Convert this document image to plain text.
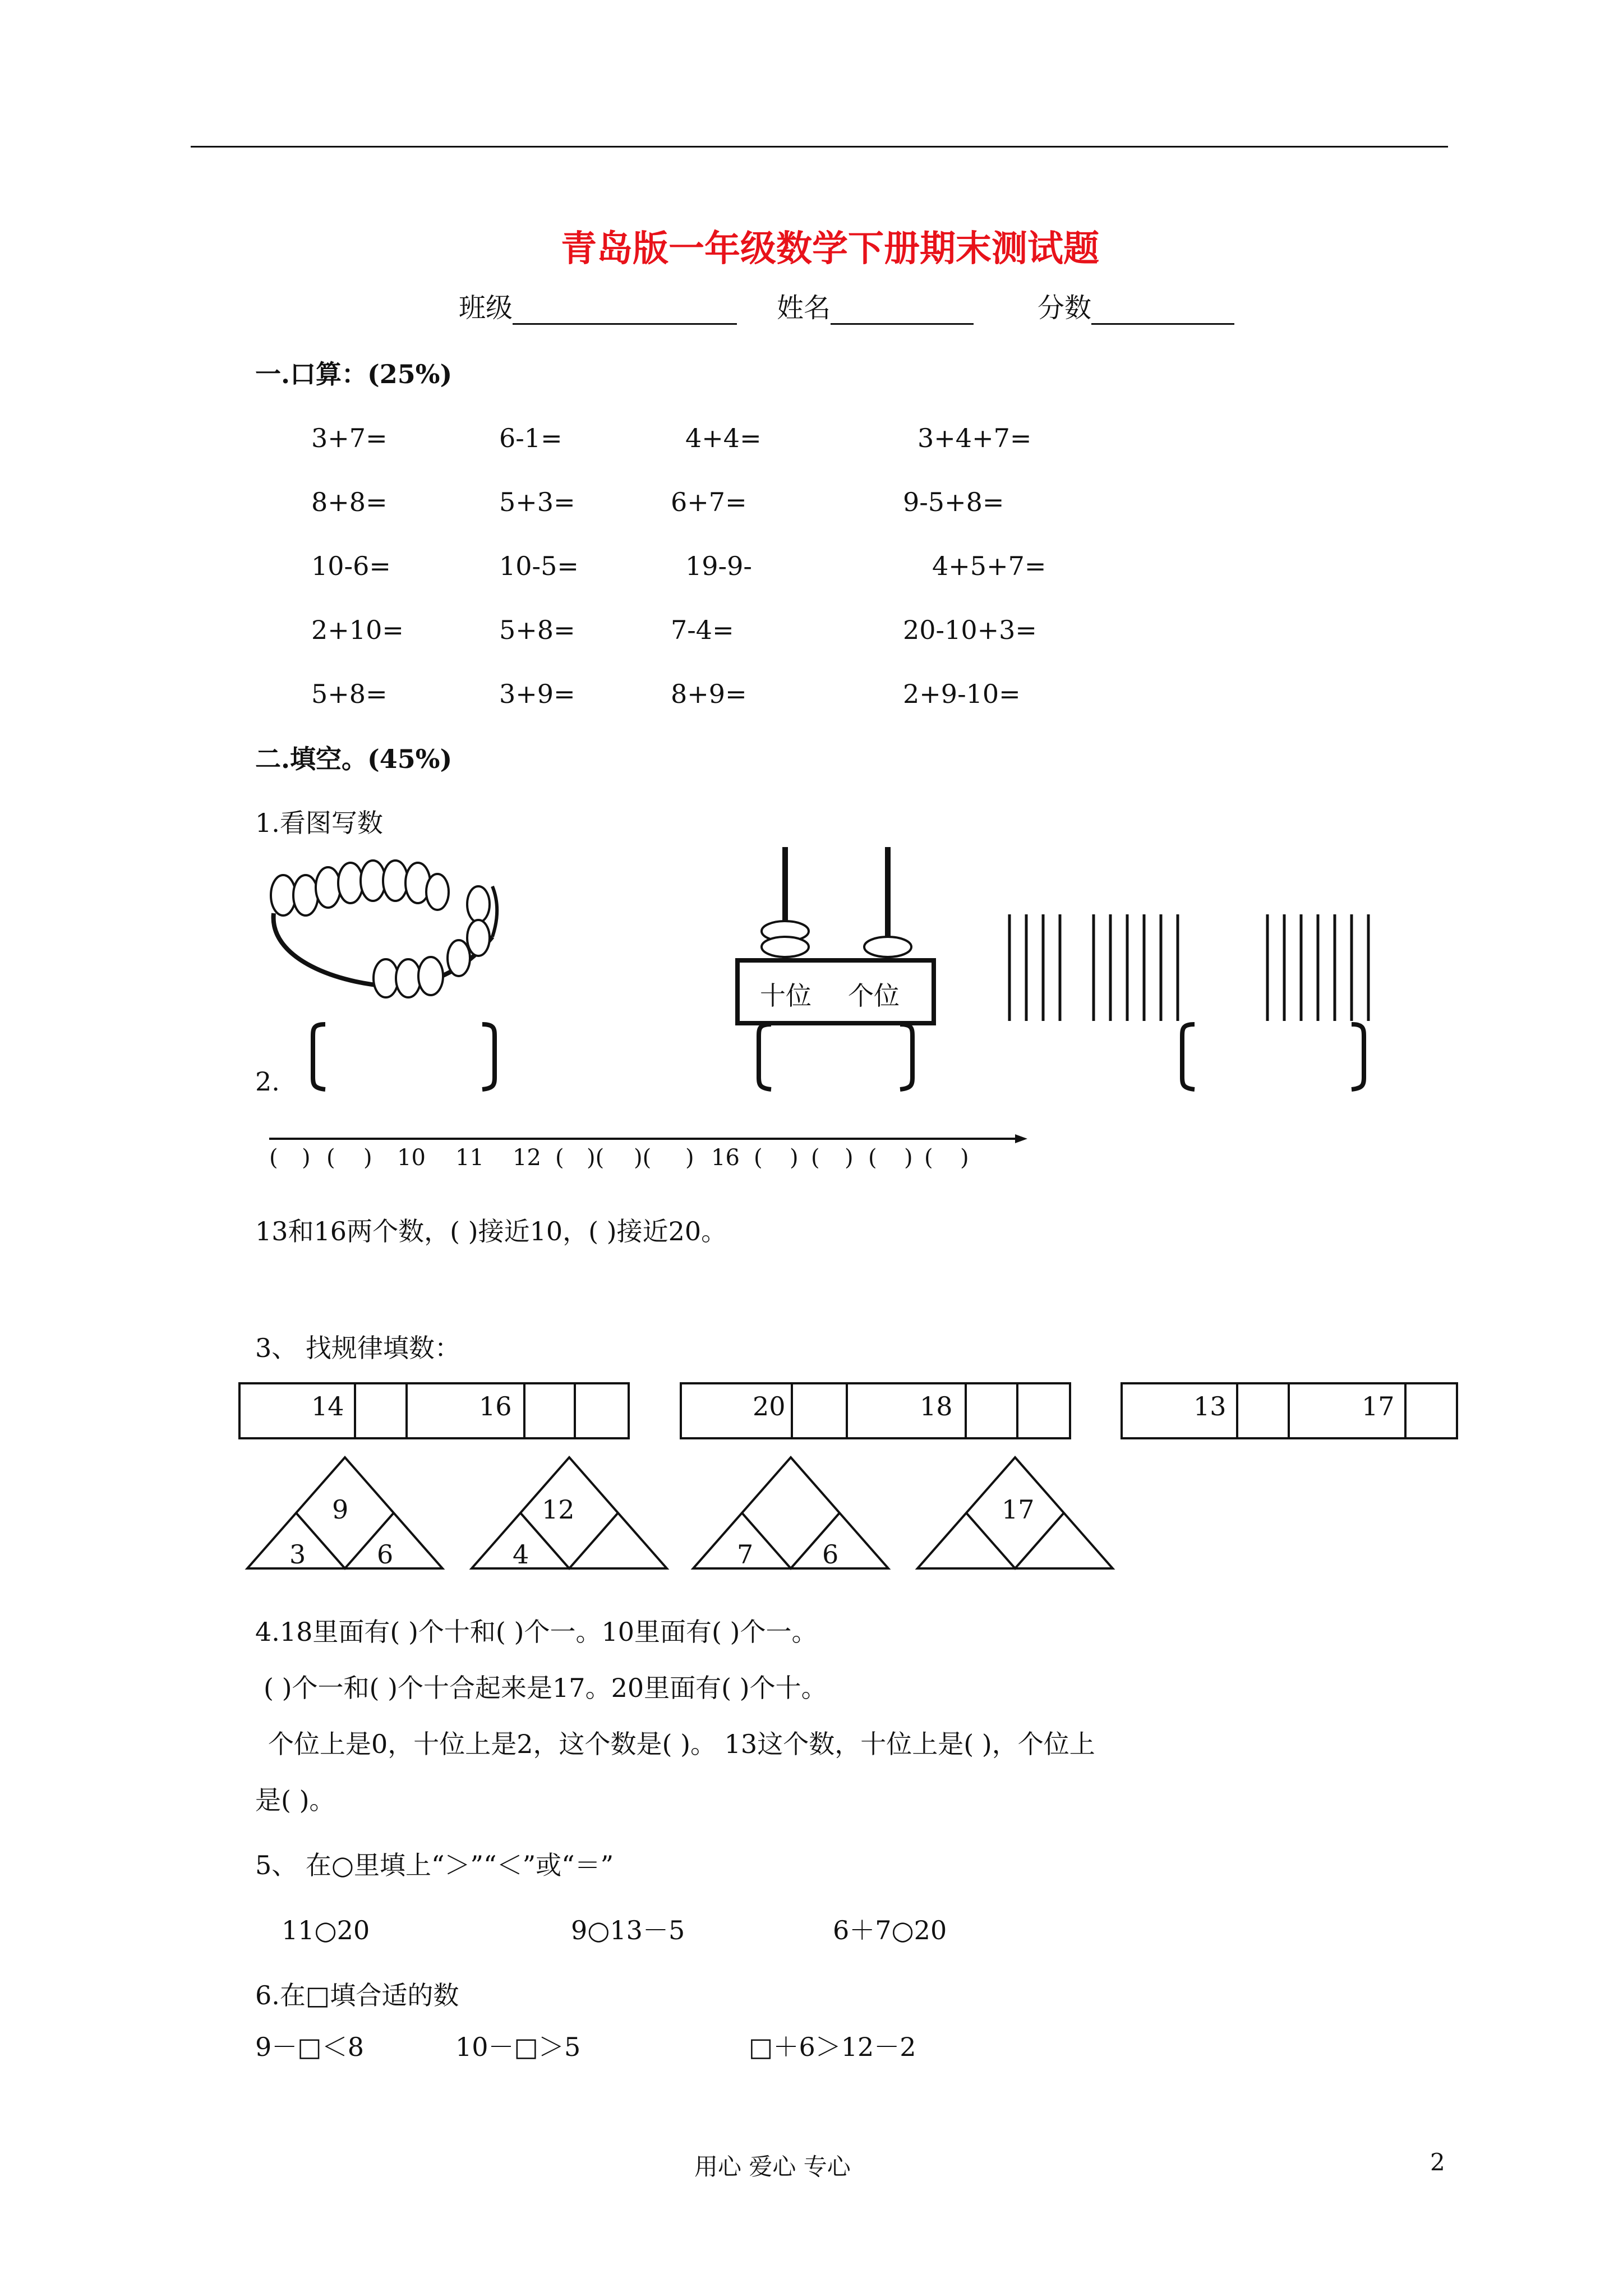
青岛版一年级数学下册期末测试题
班级	姓名	分数
一.口算：(25%)
3+7=	6-1=	4+4=	3+4+7=
8+8=	5+3=	6+7=	9-5+8=
10-6=	10-5=	19-9-	4+5+7=
2+10=	5+8=	7-4=	20-10+3=
5+8=	3+9=	8+9=	2+9-10=
二.填空。(45%)
1.看图写数
十位 个位
2.
( ) ( ) 10 11 12 ( )( )( ) 16 ( ) ( ) ( ) ( )
13和16两个数，( )接近10，( )接近20。
3、 找规律填数：
14	16	20	18	13	17
9
3	6
12
4	7	6
17
4.18里面有( )个十和( )个一。10里面有( )个一。
( )个一和( )个十合起来是17。20里面有( )个十。
个位上是0，十位上是2，这个数是( )。 13这个数，十位上是( )，个位上
是( )。
5、 在○里填上“＞”“＜”或“＝”
11○20	9○13－5	6＋7○20
6.在□填合适的数
9－□＜8	10－□＞5	□＋6＞12－2
用心 爱心 专心	2
